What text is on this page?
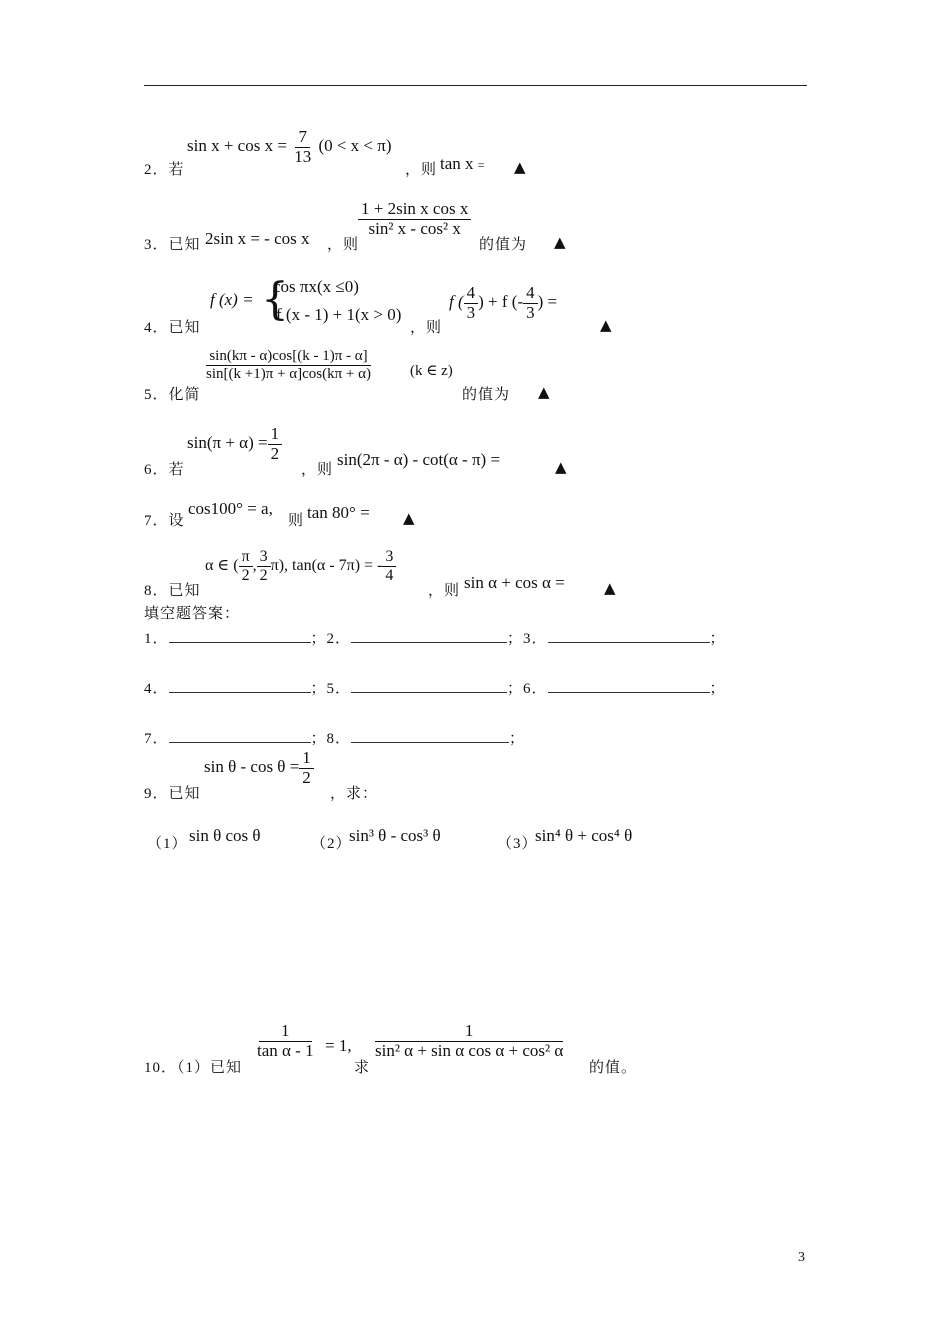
2．若
$\sin x + \cos x = \frac{7}{13} (0 < x < \pi)$
，则 tan x = ▲
3．已知 2sin x = - cos x ，则
$\frac{\text{1 + 2sin x cos x}}{\text{sin² x - cos² x}}$
的值为 ▲
4．已知
f (x) = {
cos πx(x ≤0)
f (x - 1) + 1(x > 0)
，则
f ( $\frac{4}{3}$ ) + f (- $\frac{4}{3}$ ) =
▲
5．化简
$\frac{\sin(k\pi - \alpha)\cos[(k - 1)\pi - \alpha]}{\sin[(k +1)\pi + \alpha]\cos(k\pi + \alpha)} (k$ ∈ z)
的值为 ▲
6．若
$\sin(\pi + \alpha) = \frac{1}{2}$
，则
sin(2π - α) - cot(α - π) =	▲
7．设
cos100° = a,
则 tan 80° = ▲
8．已知
α ∈ ( $\frac{\pi}{2}$ , $\frac{3}{2} \pi$), tan(α - 7π) = - $\frac{3}{4}$
，则 sin α + cos α =	▲
填空题答案：
1．	；2．	；3．	；
4．	；5．	；6．	；
7．	；8．	；
9．已知
$\sin \theta - \cos \theta = \frac{1}{2}$
，求：
（1） sin θ cos θ	（2）
sin³ θ - cos³ θ	（3）
sin⁴ θ + cos⁴ θ
10．（1）已知
$\frac{1}{\text{tan α - 1}} = 1$,
求
$\frac{1}{\text{sin² α + sin α cos α + cos² α}}$
的值。
3
